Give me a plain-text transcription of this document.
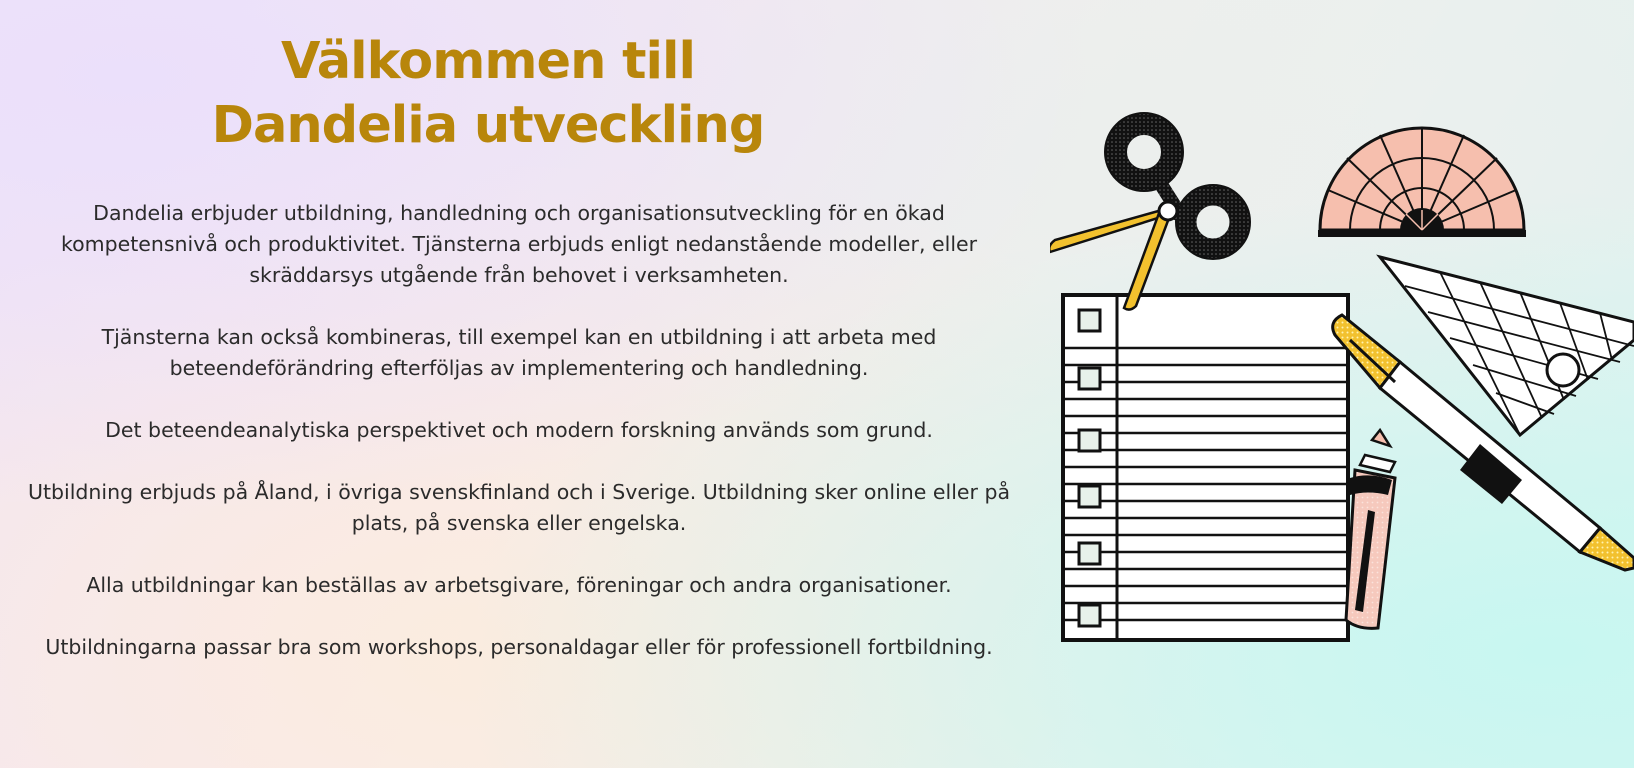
Välkommen till
Dandelia utveckling

Dandelia erbjuder utbildning, handledning och organisationsutveckling för en ökad kompetensnivå och produktivitet. Tjänsterna erbjuds enligt nedanstående modeller, eller skräddarsys utgående från behovet i verksamheten.

Tjänsterna kan också kombineras, till exempel kan en utbildning i att arbeta med beteendeförändring efterföljas av implementering och handledning.

Det beteendeanalytiska perspektivet och modern forskning används som grund.

Utbildning erbjuds på Åland, i övriga svenskfinland och i Sverige. Utbildning sker online eller på plats, på svenska eller engelska.

Alla utbildningar kan beställas av arbetsgivare, föreningar och andra organisationer.

Utbildningarna passar bra som workshops, personaldagar eller för professionell fortbildning.
